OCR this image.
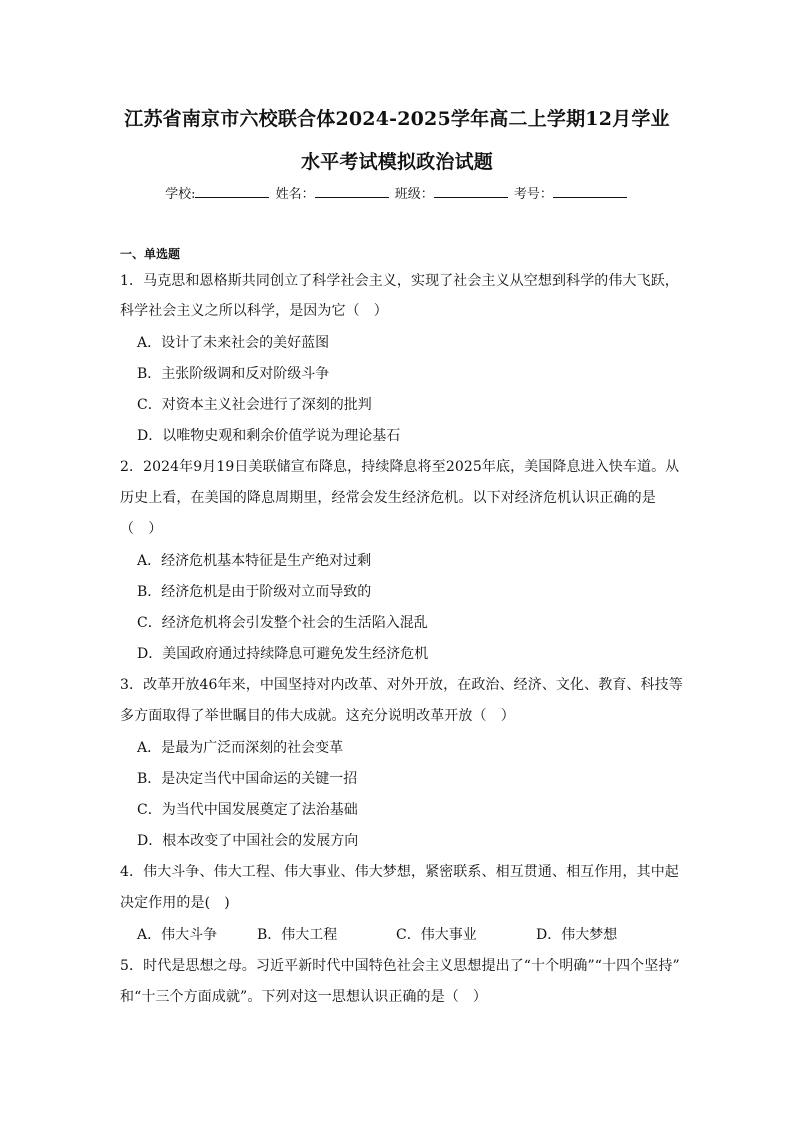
江苏省南京市六校联合体2024-2025学年高二上学期12月学业
水平考试模拟政治试题
学校:	姓名：	班级：	考号：
一、单选题
1．马克思和恩格斯共同创立了科学社会主义，实现了社会主义从空想到科学的伟大飞跃，
科学社会主义之所以科学，是因为它（　）
A．设计了未来社会的美好蓝图
B．主张阶级调和反对阶级斗争
C．对资本主义社会进行了深刻的批判
D．以唯物史观和剩余价值学说为理论基石
2．2024年9月19日美联储宣布降息，持续降息将至2025年底，美国降息进入快车道。从
历史上看，在美国的降息周期里，经常会发生经济危机。以下对经济危机认识正确的是
（　）
A．经济危机基本特征是生产绝对过剩
B．经济危机是由于阶级对立而导致的
C．经济危机将会引发整个社会的生活陷入混乱
D．美国政府通过持续降息可避免发生经济危机
3．改革开放46年来，中国坚持对内改革、对外开放，在政治、经济、文化、教育、科技等
多方面取得了举世瞩目的伟大成就。这充分说明改革开放（　）
A．是最为广泛而深刻的社会变革
B．是决定当代中国命运的关键一招
C．为当代中国发展奠定了法治基础
D．根本改变了中国社会的发展方向
4．伟大斗争、伟大工程、伟大事业、伟大梦想，紧密联系、相互贯通、相互作用，其中起
决定作用的是(　)
A．伟大斗争	B．伟大工程	C．伟大事业	D．伟大梦想
5．时代是思想之母。习近平新时代中国特色社会主义思想提出了“十个明确”“十四个坚持”
和“十三个方面成就”。下列对这一思想认识正确的是（　）
